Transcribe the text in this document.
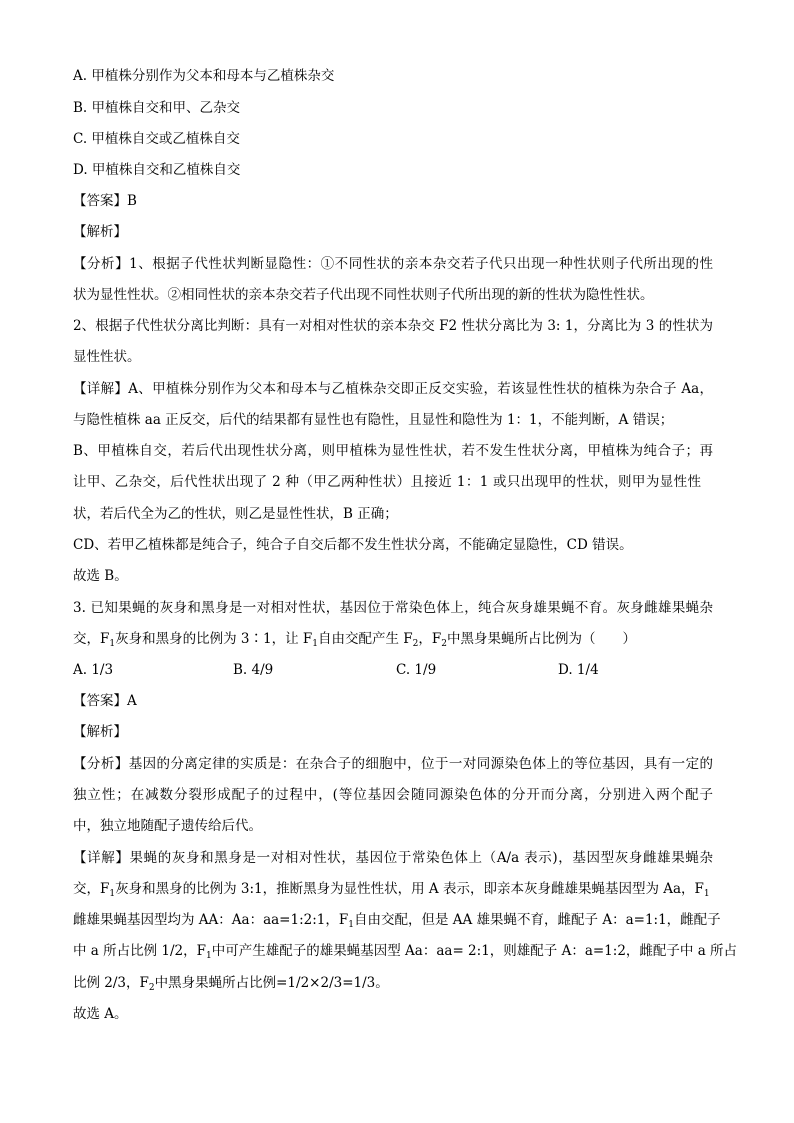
A. 甲植株分别作为父本和母本与乙植株杂交
B. 甲植株自交和甲、乙杂交
C. 甲植株自交或乙植株自交
D. 甲植株自交和乙植株自交
【答案】B
【解析】
【分析】1、根据子代性状判断显隐性：①不同性状的亲本杂交若子代只出现一种性状则子代所出现的性
状为显性性状。②相同性状的亲本杂交若子代出现不同性状则子代所出现的新的性状为隐性性状。
2、根据子代性状分离比判断：具有一对相对性状的亲本杂交 F2 性状分离比为 3: 1，分离比为 3 的性状为
显性性状。
【详解】A、甲植株分别作为父本和母本与乙植株杂交即正反交实验，若该显性性状的植株为杂合子 Aa，
与隐性植株 aa 正反交，后代的结果都有显性也有隐性，且显性和隐性为 1：1，不能判断，A 错误；
B、甲植株自交，若后代出现性状分离，则甲植株为显性性状，若不发生性状分离，甲植株为纯合子；再
让甲、乙杂交，后代性状出现了 2 种（甲乙两种性状）且接近 1：1 或只出现甲的性状，则甲为显性性
状，若后代全为乙的性状，则乙是显性性状，B 正确；
CD、若甲乙植株都是纯合子，纯合子自交后都不发生性状分离，不能确定显隐性，CD 错误。
故选 B。
3. 已知果蝇的灰身和黑身是一对相对性状，基因位于常染色体上，纯合灰身雄果蝇不育。灰身雌雄果蝇杂
交，$F_1$灰身和黑身的比例为 3∶1，让 $F_1$自由交配产生 $F_2$，$F_2$中黑身果蝇所占比例为（　　）
A. 1/3	B. 4/9	C. 1/9	D. 1/4
【答案】A
【解析】
【分析】基因的分离定律的实质是：在杂合子的细胞中，位于一对同源染色体上的等位基因，具有一定的
独立性；在减数分裂形成配子的过程中，(等位基因会随同源染色体的分开而分离，分别进入两个配子
中，独立地随配子遗传给后代。
【详解】果蝇的灰身和黑身是一对相对性状，基因位于常染色体上（A/a 表示)，基因型灰身雌雄果蝇杂
交，$F_1$灰身和黑身的比例为 3:1，推断黑身为显性性状，用 A 表示，即亲本灰身雌雄果蝇基因型为 Aa，$F_1$
雌雄果蝇基因型均为 AA：Aa：aa=1:2:1，$F_1$自由交配，但是 AA 雄果蝇不育，雌配子 A：a=1:1，雌配子
中 a 所占比例 1/2，$F_1$中可产生雄配子的雄果蝇基因型 Aa：aa= 2:1，则雄配子 A：a=1:2，雌配子中 a 所占
比例 2/3，$F_2$中黑身果蝇所占比例=1/2×2/3=1/3。
故选 A。
